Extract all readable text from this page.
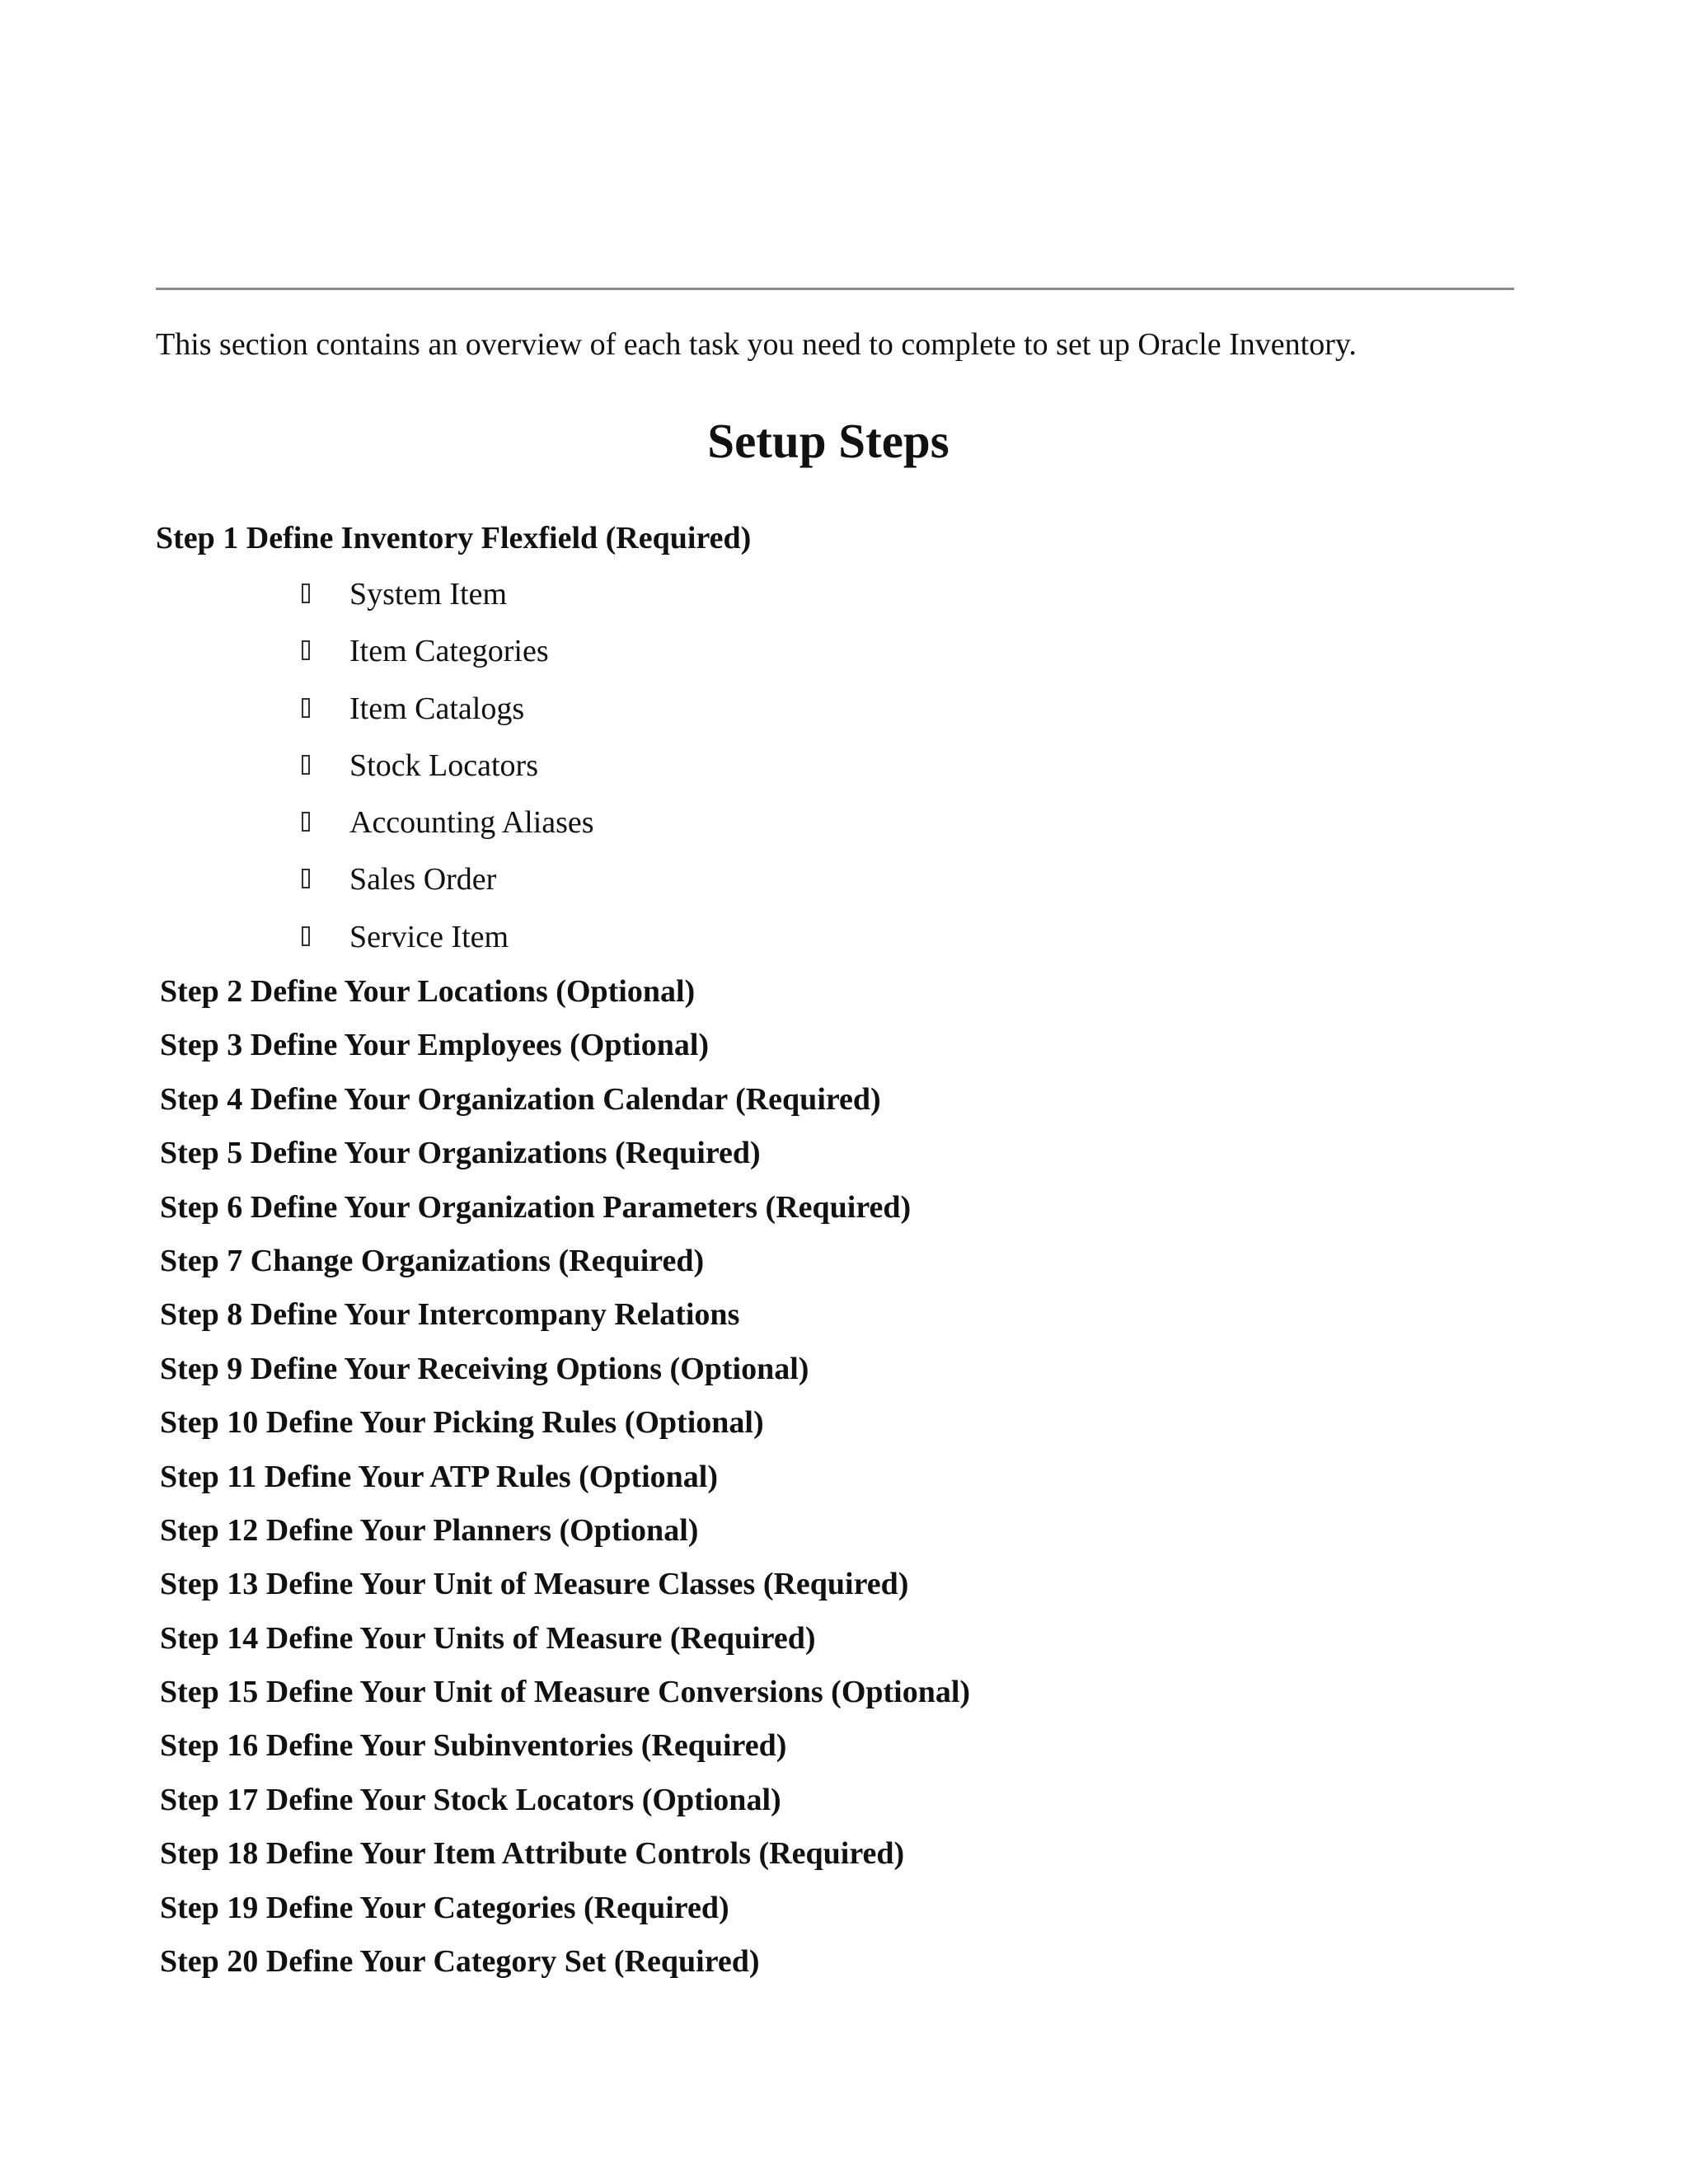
This section contains an overview of each task you need to complete to set up Oracle Inventory.
Setup Steps
Step 1 Define Inventory Flexfield (Required)
System Item
Item Categories
Item Catalogs
Stock Locators
Accounting Aliases
Sales Order
Service Item
Step 2 Define Your Locations (Optional)
Step 3 Define Your Employees (Optional)
Step 4 Define Your Organization Calendar (Required)
Step 5 Define Your Organizations (Required)
Step 6 Define Your Organization Parameters (Required)
Step 7 Change Organizations (Required)
Step 8 Define Your Intercompany Relations
Step 9 Define Your Receiving Options (Optional)
Step 10 Define Your Picking Rules (Optional)
Step 11 Define Your ATP Rules (Optional)
Step 12 Define Your Planners (Optional)
Step 13 Define Your Unit of Measure Classes (Required)
Step 14 Define Your Units of Measure (Required)
Step 15 Define Your Unit of Measure Conversions (Optional)
Step 16 Define Your Subinventories (Required)
Step 17 Define Your Stock Locators (Optional)
Step 18 Define Your Item Attribute Controls (Required)
Step 19 Define Your Categories (Required)
Step 20 Define Your Category Set (Required)
